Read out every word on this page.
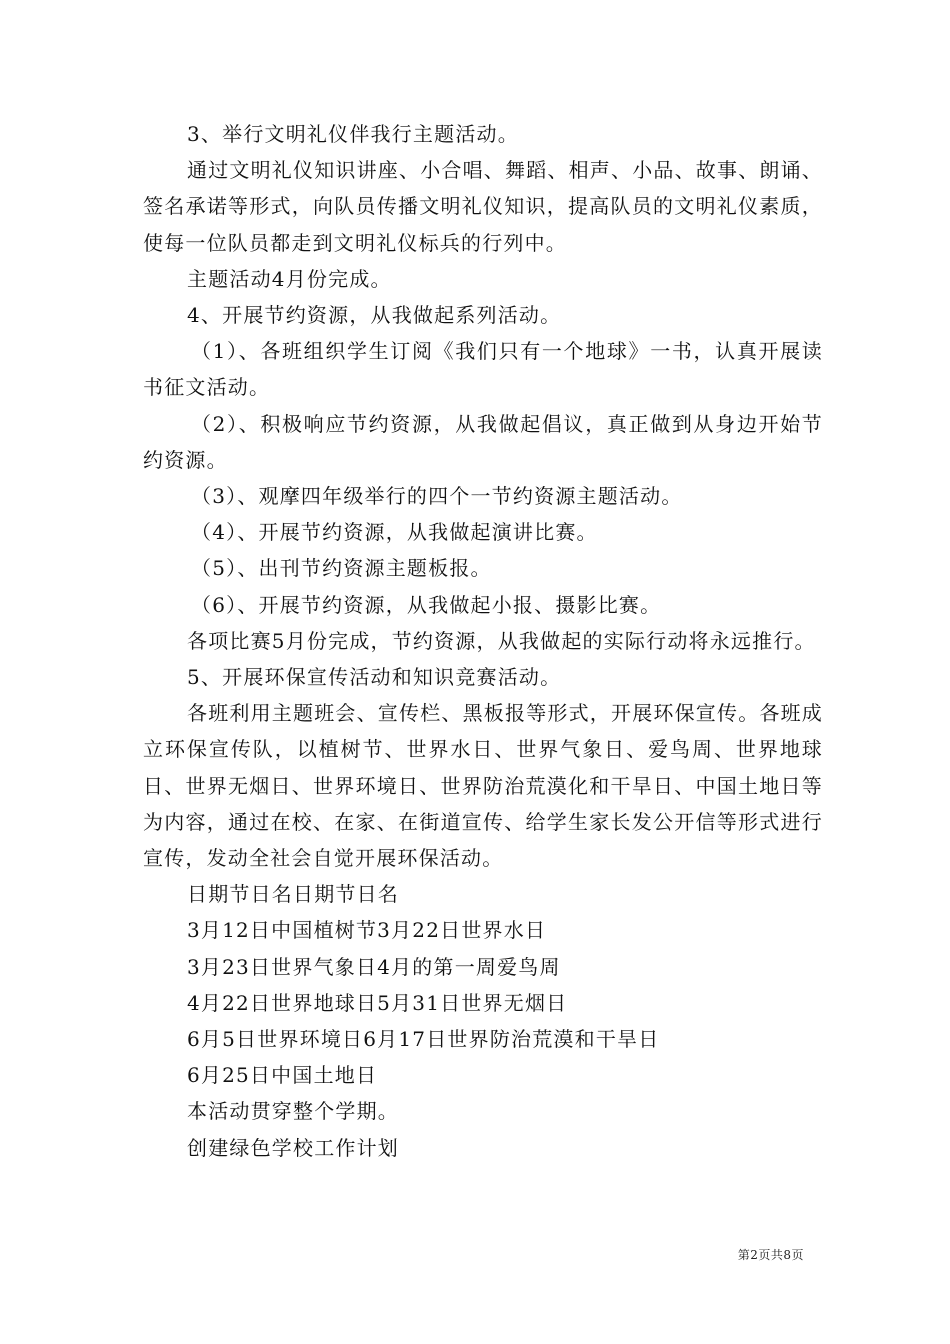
3、举行文明礼仪伴我行主题活动。

通过文明礼仪知识讲座、小合唱、舞蹈、相声、小品、故事、朗诵、签名承诺等形式，向队员传播文明礼仪知识，提高队员的文明礼仪素质，使每一位队员都走到文明礼仪标兵的行列中。

主题活动4月份完成。

4、开展节约资源，从我做起系列活动。

（1）、各班组织学生订阅《我们只有一个地球》一书，认真开展读书征文活动。

（2）、积极响应节约资源，从我做起倡议，真正做到从身边开始节约资源。

（3）、观摩四年级举行的四个一节约资源主题活动。

（4）、开展节约资源，从我做起演讲比赛。

（5）、出刊节约资源主题板报。

（6）、开展节约资源，从我做起小报、摄影比赛。

各项比赛5月份完成，节约资源，从我做起的实际行动将永远推行。

5、开展环保宣传活动和知识竞赛活动。

各班利用主题班会、宣传栏、黑板报等形式，开展环保宣传。各班成立环保宣传队，以植树节、世界水日、世界气象日、爱鸟周、世界地球日、世界无烟日、世界环境日、世界防治荒漠化和干旱日、中国土地日等为内容，通过在校、在家、在街道宣传、给学生家长发公开信等形式进行宣传，发动全社会自觉开展环保活动。

日期节日名日期节日名

3月12日中国植树节3月22日世界水日

3月23日世界气象日4月的第一周爱鸟周

4月22日世界地球日5月31日世界无烟日

6月5日世界环境日6月17日世界防治荒漠和干旱日

6月25日中国土地日

本活动贯穿整个学期。

创建绿色学校工作计划

第2页共8页
